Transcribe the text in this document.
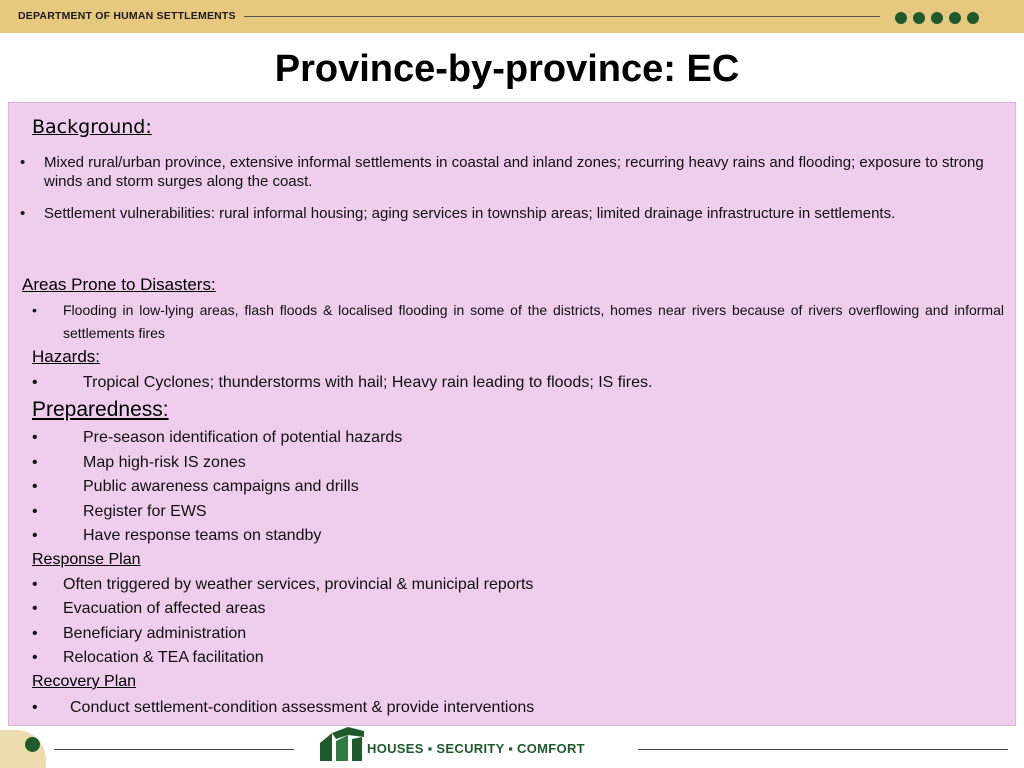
DEPARTMENT OF HUMAN SETTLEMENTS
Province-by-province: EC
Background:
•	Mixed rural/urban province, extensive informal settlements in coastal and inland zones; recurring heavy rains and flooding; exposure to strong winds and storm surges along the coast.
•	Settlement vulnerabilities: rural informal housing; aging services in township areas; limited drainage infrastructure in settlements.
Areas Prone to Disasters:
•	Flooding in low-lying areas, flash floods & localised flooding in some of the districts, homes near rivers because of rivers overflowing and informal settlements fires
Hazards:
•	Tropical Cyclones; thunderstorms with hail; Heavy rain leading to floods; IS fires.
Preparedness:
•	Pre-season identification of potential hazards
•	Map high-risk IS zones
•	Public awareness campaigns and drills
•	Register for EWS
•	Have response teams on standby
Response Plan
•	Often triggered by weather services, provincial & municipal reports
•	Evacuation of affected areas
•	Beneficiary administration
•	Relocation & TEA facilitation
Recovery Plan
•	Conduct settlement-condition assessment & provide interventions
HOUSES ▪ SECURITY ▪ COMFORT
